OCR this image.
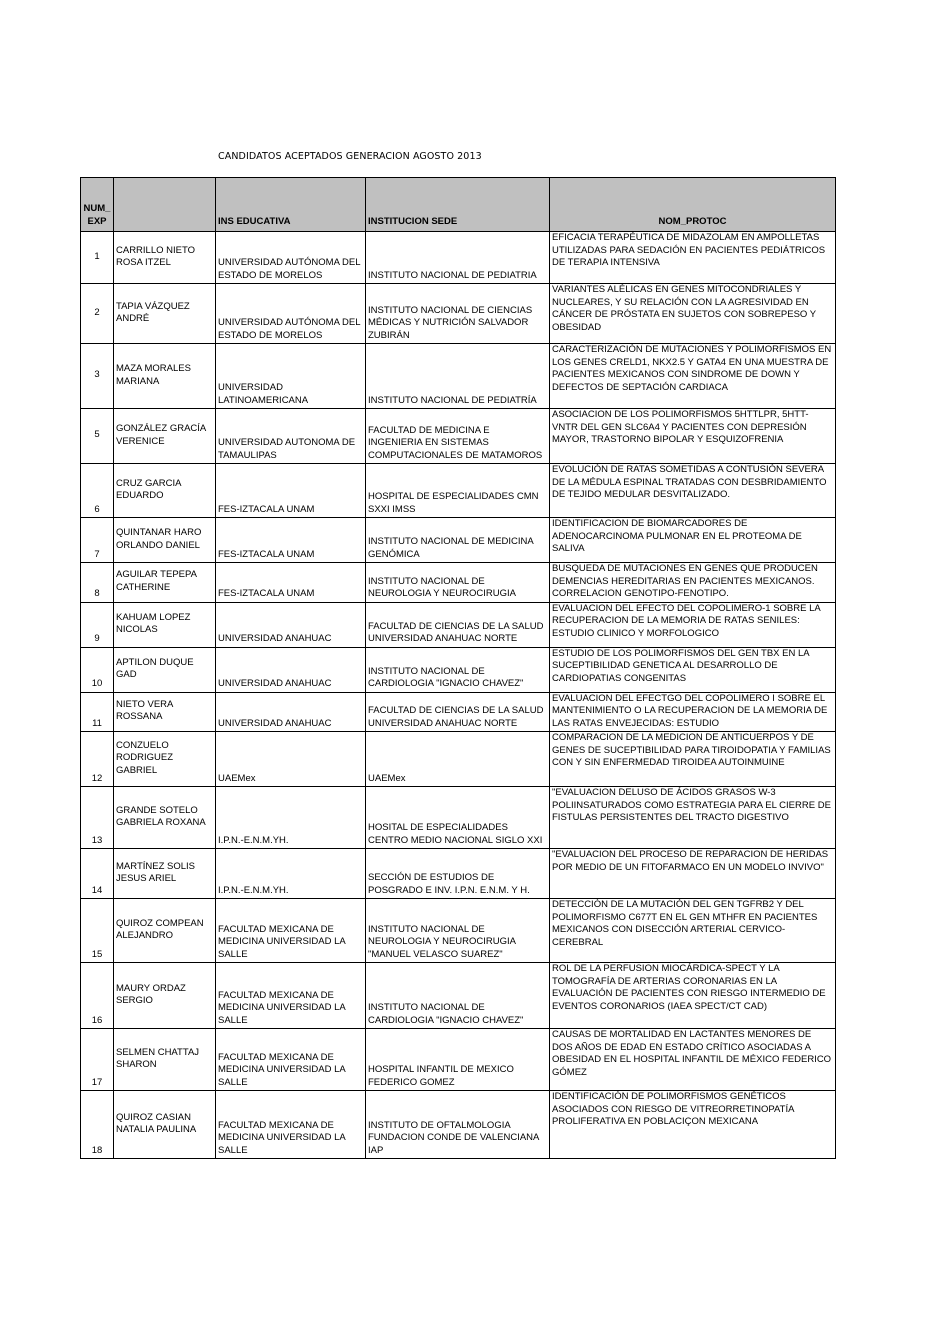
CANDIDATOS ACEPTADOS GENERACION AGOSTO 2013
NUM_
EXP		INS EDUCATIVA	INSTITUCION SEDE	NOM_PROTOC
1	CARRILLO NIETO ROSA ITZEL	UNIVERSIDAD AUTÓNOMA DEL ESTADO DE MORELOS	INSTITUTO NACIONAL DE PEDIATRIA	EFICACIA TERAPÉUTICA DE MIDAZOLAM EN AMPOLLETAS UTILIZADAS PARA SEDACIÓN EN PACIENTES PEDIÁTRICOS DE TERAPIA INTENSIVA
2	TAPIA VÁZQUEZ ANDRÉ	UNIVERSIDAD AUTÓNOMA DEL ESTADO DE MORELOS	INSTITUTO NACIONAL DE CIENCIAS MÉDICAS Y NUTRICIÓN SALVADOR ZUBIRÁN	VARIANTES ALÉLICAS EN GENES MITOCONDRIALES Y NUCLEARES, Y SU RELACIÓN CON LA AGRESIVIDAD EN CÁNCER DE PRÓSTATA EN SUJETOS CON SOBREPESO Y OBESIDAD
3	MAZA MORALES MARIANA	UNIVERSIDAD LATINOAMERICANA	INSTITUTO NACIONAL DE PEDIATRÍA	CARACTERIZACIÓN DE MUTACIONES Y POLIMORFISMOS EN LOS GENES CRELD1, NKX2.5 Y GATA4 EN UNA MUESTRA DE PACIENTES MEXICANOS CON SINDROME DE DOWN Y DEFECTOS DE SEPTACIÓN CARDIACA
5	GONZÁLEZ GRACÍA VERENICE	UNIVERSIDAD AUTONOMA DE TAMAULIPAS	FACULTAD DE MEDICINA E INGENIERIA EN SISTEMAS COMPUTACIONALES DE MATAMOROS	ASOCIACION DE LOS POLIMORFISMOS 5HTTLPR, 5HTT-VNTR DEL GEN SLC6A4 Y PACIENTES CON DEPRESIÓN MAYOR, TRASTORNO BIPOLAR Y ESQUIZOFRENIA
6	CRUZ GARCIA EDUARDO	FES-IZTACALA UNAM	HOSPITAL DE ESPECIALIDADES CMN SXXI IMSS	EVOLUCIÓN DE RATAS SOMETIDAS A CONTUSIÓN SEVERA DE LA MÉDULA ESPINAL TRATADAS CON DESBRIDAMIENTO DE TEJIDO MEDULAR DESVITALIZADO.
7	QUINTANAR HARO ORLANDO DANIEL	FES-IZTACALA UNAM	INSTITUTO NACIONAL DE MEDICINA GENÓMICA	IDENTIFICACION DE BIOMARCADORES DE ADENOCARCINOMA PULMONAR EN EL PROTEOMA DE SALIVA
8	AGUILAR TEPEPA CATHERINE	FES-IZTACALA UNAM	INSTITUTO NACIONAL DE NEUROLOGIA Y NEUROCIRUGIA	BUSQUEDA DE MUTACIONES EN GENES QUE PRODUCEN DEMENCIAS HEREDITARIAS EN PACIENTES MEXICANOS. CORRELACION GENOTIPO-FENOTIPO.
9	KAHUAM LOPEZ NICOLAS	UNIVERSIDAD ANAHUAC	FACULTAD DE CIENCIAS DE LA SALUD UNIVERSIDAD ANAHUAC NORTE	EVALUACION DEL EFECTO DEL COPOLIMERO-1 SOBRE LA RECUPERACION DE LA MEMORIA DE RATAS SENILES: ESTUDIO CLINICO Y MORFOLOGICO
10	APTILON DUQUE GAD	UNIVERSIDAD ANAHUAC	INSTITUTO NACIONAL DE CARDIOLOGIA "IGNACIO CHAVEZ"	ESTUDIO DE LOS POLIMORFISMOS DEL GEN TBX EN LA SUCEPTIBILIDAD GENETICA AL DESARROLLO DE CARDIOPATIAS CONGENITAS
11	NIETO VERA ROSSANA	UNIVERSIDAD ANAHUAC	FACULTAD DE CIENCIAS DE LA SALUD UNIVERSIDAD ANAHUAC NORTE	EVALUACION DEL EFECTGO DEL COPOLIMERO I SOBRE EL MANTENIMIENTO O LA RECUPERACION DE LA MEMORIA DE LAS RATAS ENVEJECIDAS: ESTUDIO
12	CONZUELO RODRIGUEZ GABRIEL	UAEMex	UAEMex	COMPARACION DE LA MEDICION DE ANTICUERPOS Y DE GENES DE SUCEPTIBILIDAD PARA TIROIDOPATIA Y FAMILIAS CON Y SIN ENFERMEDAD TIROIDEA AUTOINMUINE
13	GRANDE SOTELO GABRIELA ROXANA	I.P.N.-E.N.M.YH.	HOSITAL DE ESPECIALIDADES CENTRO MEDIO NACIONAL SIGLO XXI	"EVALUACION DELUSO DE ÁCIDOS GRASOS W-3 POLIINSATURADOS COMO ESTRATEGIA PARA EL CIERRE DE FISTULAS PERSISTENTES DEL TRACTO DIGESTIVO
14	MARTÍNEZ SOLIS JESUS ARIEL	I.P.N.-E.N.M.YH.	SECCIÓN DE ESTUDIOS DE POSGRADO E INV. I.P.N. E.N.M. Y H.	"EVALUACION DEL PROCESO DE REPARACION DE HERIDAS POR MEDIO DE UN FITOFARMACO EN UN MODELO INVIVO"
15	QUIROZ COMPEAN ALEJANDRO	FACULTAD MEXICANA DE MEDICINA UNIVERSIDAD LA SALLE	INSTITUTO NACIONAL DE NEUROLOGIA Y NEUROCIRUGIA "MANUEL VELASCO SUAREZ"	DETECCIÓN DE LA MUTACIÓN DEL GEN TGFRB2 Y DEL POLIMORFISMO C677T EN EL GEN MTHFR EN PACIENTES MEXICANOS CON DISECCIÓN ARTERIAL CERVICO-CEREBRAL
16	MAURY ORDAZ SERGIO	FACULTAD MEXICANA DE MEDICINA UNIVERSIDAD LA SALLE	INSTITUTO NACIONAL DE CARDIOLOGIA "IGNACIO CHAVEZ"	ROL DE LA PERFUSION MIOCÁRDICA-SPECT Y LA TOMOGRAFÍA DE ARTERIAS CORONARIAS EN LA EVALUACIÓN DE PACIENTES CON RIESGO INTERMEDIO DE EVENTOS CORONARIOS (IAEA SPECT/CT CAD)
17	SELMEN CHATTAJ SHARON	FACULTAD MEXICANA DE MEDICINA UNIVERSIDAD LA SALLE	HOSPITAL INFANTIL DE MEXICO FEDERICO GOMEZ	CAUSAS DE MORTALIDAD EN LACTANTES MENORES DE DOS AÑOS DE EDAD EN ESTADO CRÍTICO ASOCIADAS A OBESIDAD EN EL HOSPITAL INFANTIL DE MÉXICO FEDERICO GÓMEZ
18	QUIROZ CASIAN NATALIA PAULINA	FACULTAD MEXICANA DE MEDICINA UNIVERSIDAD LA SALLE	INSTITUTO DE OFTALMOLOGIA FUNDACION CONDE DE VALENCIANA IAP	IDENTIFICACIÓN DE POLIMORFISMOS GENÉTICOS ASOCIADOS CON RIESGO DE VITREORRETINOPATÍA PROLIFERATIVA EN POBLACIÇON MEXICANA
